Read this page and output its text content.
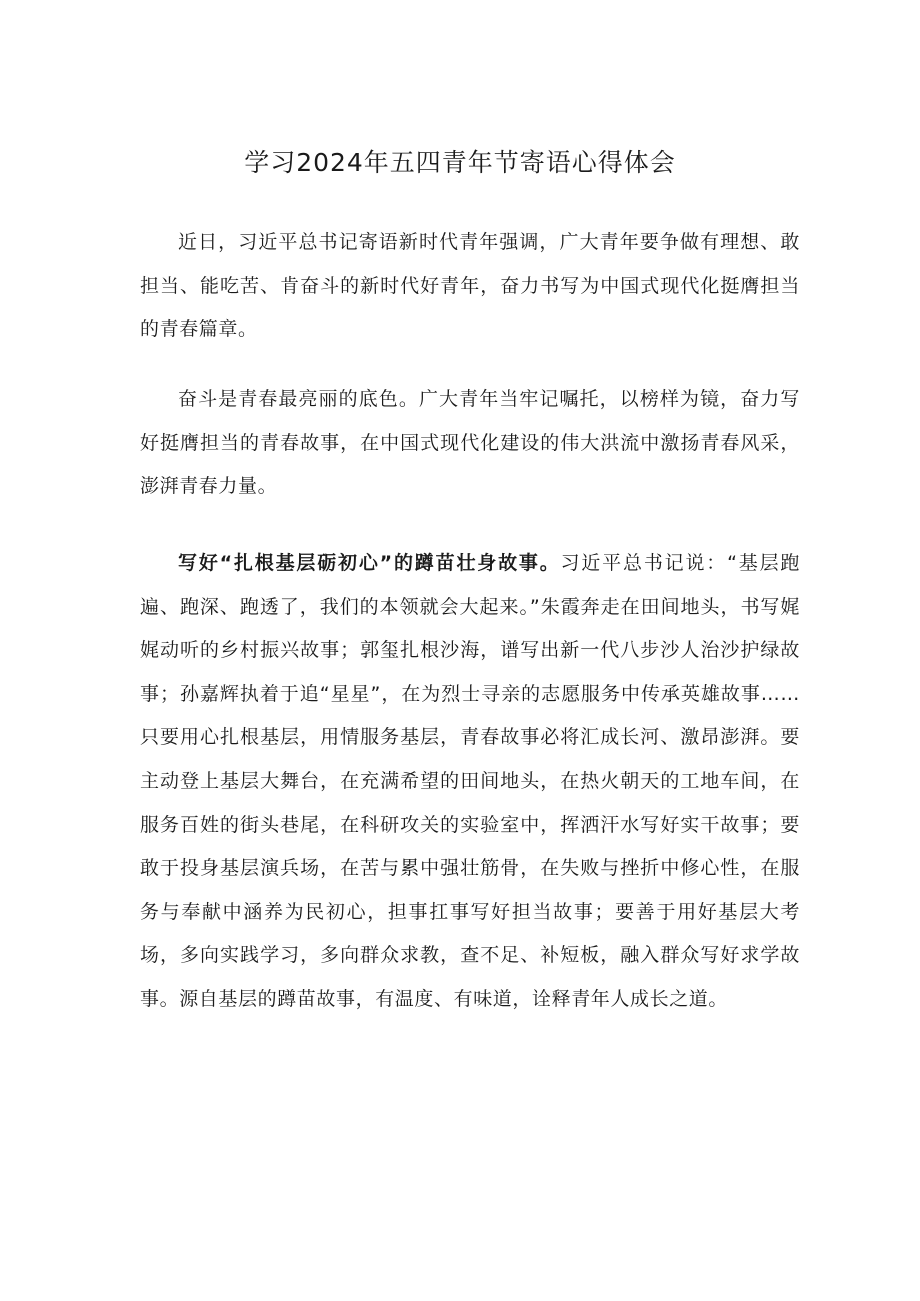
学习2024年五四青年节寄语心得体会

近日，习近平总书记寄语新时代青年强调，广大青年要争做有理想、敢担当、能吃苦、肯奋斗的新时代好青年，奋力书写为中国式现代化挺膺担当的青春篇章。

奋斗是青春最亮丽的底色。广大青年当牢记嘱托，以榜样为镜，奋力写好挺膺担当的青春故事，在中国式现代化建设的伟大洪流中激扬青春风采，澎湃青春力量。

写好“扎根基层砺初心”的蹲苗壮身故事。习近平总书记说：“基层跑遍、跑深、跑透了，我们的本领就会大起来。”朱霞奔走在田间地头，书写娓娓动听的乡村振兴故事；郭玺扎根沙海，谱写出新一代八步沙人治沙护绿故事；孙嘉辉执着于追“星星”，在为烈士寻亲的志愿服务中传承英雄故事……只要用心扎根基层，用情服务基层，青春故事必将汇成长河、激昂澎湃。要主动登上基层大舞台，在充满希望的田间地头，在热火朝天的工地车间，在服务百姓的街头巷尾，在科研攻关的实验室中，挥洒汗水写好实干故事；要敢于投身基层演兵场，在苦与累中强壮筋骨，在失败与挫折中修心性，在服务与奉献中涵养为民初心，担事扛事写好担当故事；要善于用好基层大考场，多向实践学习，多向群众求教，查不足、补短板，融入群众写好求学故事。源自基层的蹲苗故事，有温度、有味道，诠释青年人成长之道。
